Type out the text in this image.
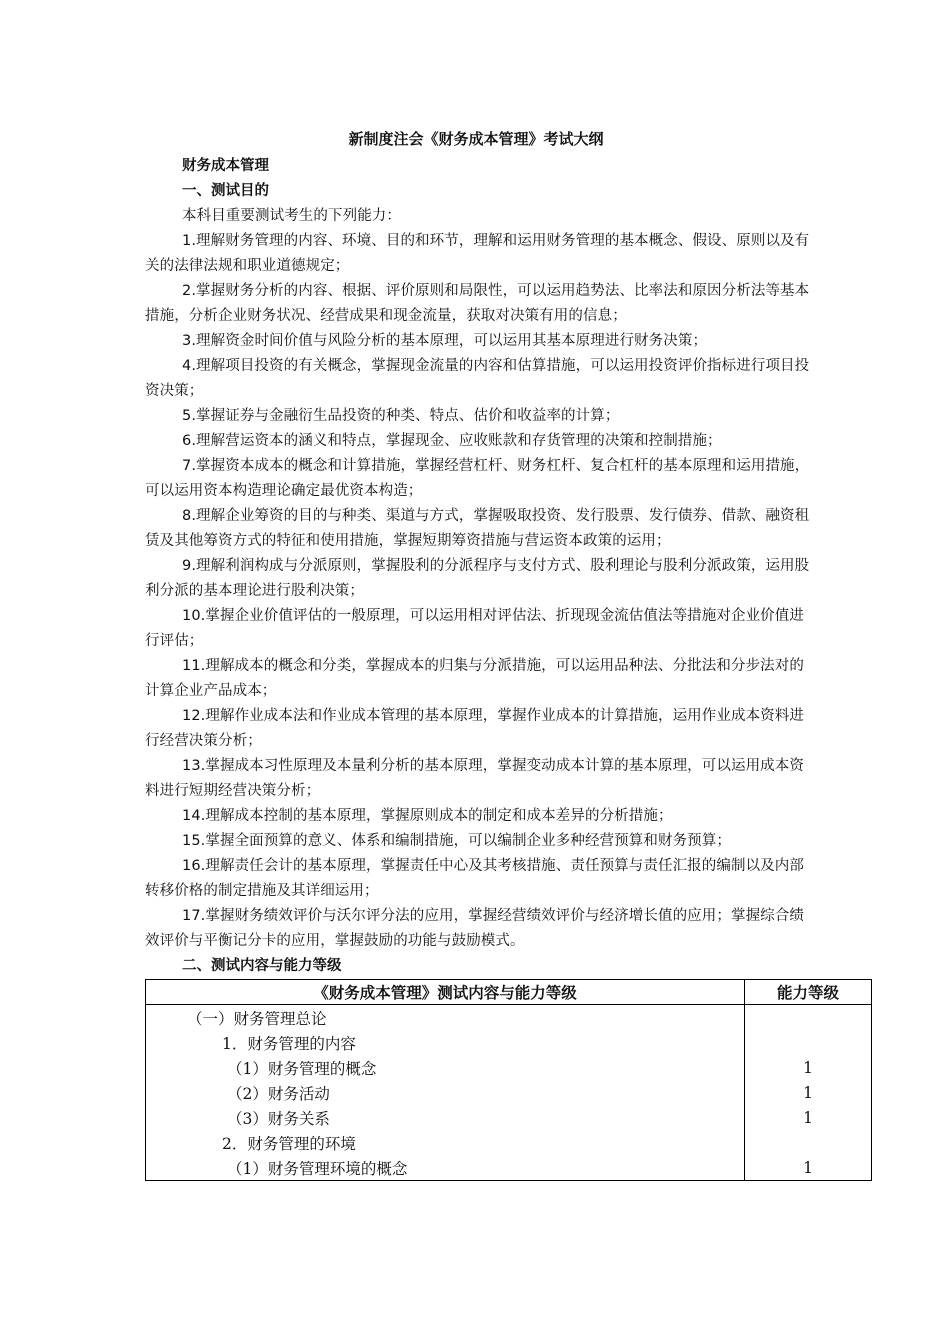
新制度注会《财务成本管理》考试大纲

财务成本管理

一、测试目的

本科目重要测试考生的下列能力：

1.理解财务管理的内容、环境、目的和环节，理解和运用财务管理的基本概念、假设、原则以及有关的法律法规和职业道德规定；

2.掌握财务分析的内容、根据、评价原则和局限性，可以运用趋势法、比率法和原因分析法等基本措施，分析企业财务状况、经营成果和现金流量，获取对决策有用的信息；

3.理解资金时间价值与风险分析的基本原理，可以运用其基本原理进行财务决策；

4.理解项目投资的有关概念，掌握现金流量的内容和估算措施，可以运用投资评价指标进行项目投资决策；

5.掌握证券与金融衍生品投资的种类、特点、估价和收益率的计算；

6.理解营运资本的涵义和特点，掌握现金、应收账款和存货管理的决策和控制措施；

7.掌握资本成本的概念和计算措施，掌握经营杠杆、财务杠杆、复合杠杆的基本原理和运用措施，可以运用资本构造理论确定最优资本构造；

8.理解企业筹资的目的与种类、渠道与方式，掌握吸取投资、发行股票、发行债券、借款、融资租赁及其他筹资方式的特征和使用措施，掌握短期筹资措施与营运资本政策的运用；

9.理解利润构成与分派原则，掌握股利的分派程序与支付方式、股利理论与股利分派政策，运用股利分派的基本理论进行股利决策；

10.掌握企业价值评估的一般原理，可以运用相对评估法、折现现金流估值法等措施对企业价值进行评估；

11.理解成本的概念和分类，掌握成本的归集与分派措施，可以运用品种法、分批法和分步法对的计算企业产品成本；

12.理解作业成本法和作业成本管理的基本原理，掌握作业成本的计算措施，运用作业成本资料进行经营决策分析；

13.掌握成本习性原理及本量利分析的基本原理，掌握变动成本计算的基本原理，可以运用成本资料进行短期经营决策分析；

14.理解成本控制的基本原理，掌握原则成本的制定和成本差异的分析措施；

15.掌握全面预算的意义、体系和编制措施，可以编制企业多种经营预算和财务预算；

16.理解责任会计的基本原理，掌握责任中心及其考核措施、责任预算与责任汇报的编制以及内部转移价格的制定措施及其详细运用；

17.掌握财务绩效评价与沃尔评分法的应用，掌握经营绩效评价与经济增长值的应用；掌握综合绩效评价与平衡记分卡的应用，掌握鼓励的功能与鼓励模式。

二、测试内容与能力等级

《财务成本管理》测试内容与能力等级	能力等级
（一）财务管理总论	
1．财务管理的内容	
（1）财务管理的概念	1
（2）财务活动	1
（3）财务关系	1
2．财务管理的环境	
（1）财务管理环境的概念	1
